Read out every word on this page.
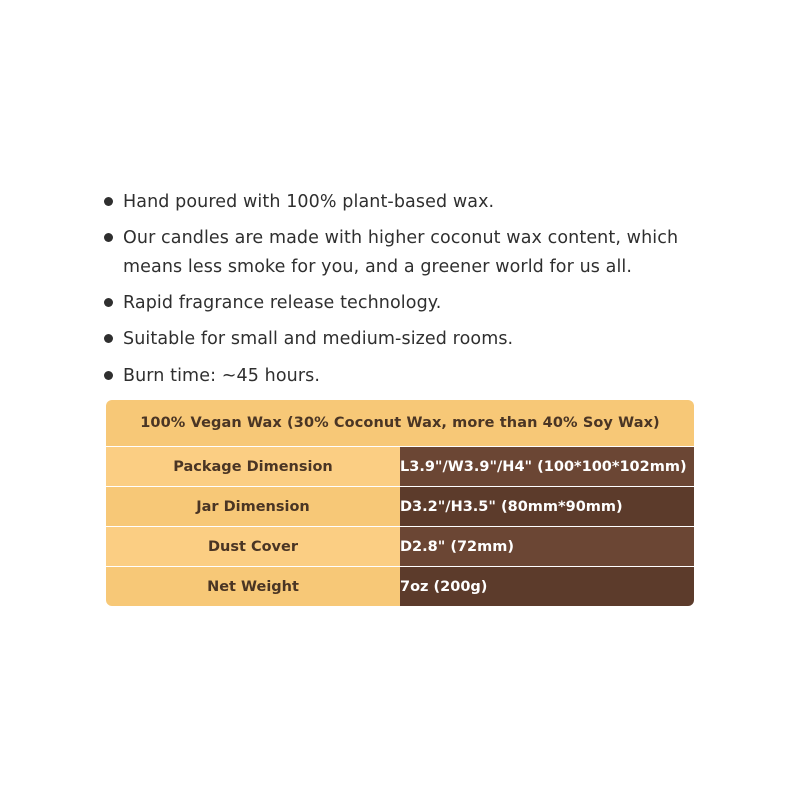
Hand poured with 100% plant-based wax.
Our candles are made with higher coconut wax content, which means less smoke for you, and a greener world for us all.
Rapid fragrance release technology.
Suitable for small and medium-sized rooms.
Burn time: ~45 hours.
100% Vegan Wax (30% Coconut Wax, more than 40% Soy Wax)	
Package Dimension	L3.9"/W3.9"/H4" (100*100*102mm)
Jar Dimension	D3.2"/H3.5" (80mm*90mm)
Dust Cover	D2.8" (72mm)
Net Weight	7oz (200g)
